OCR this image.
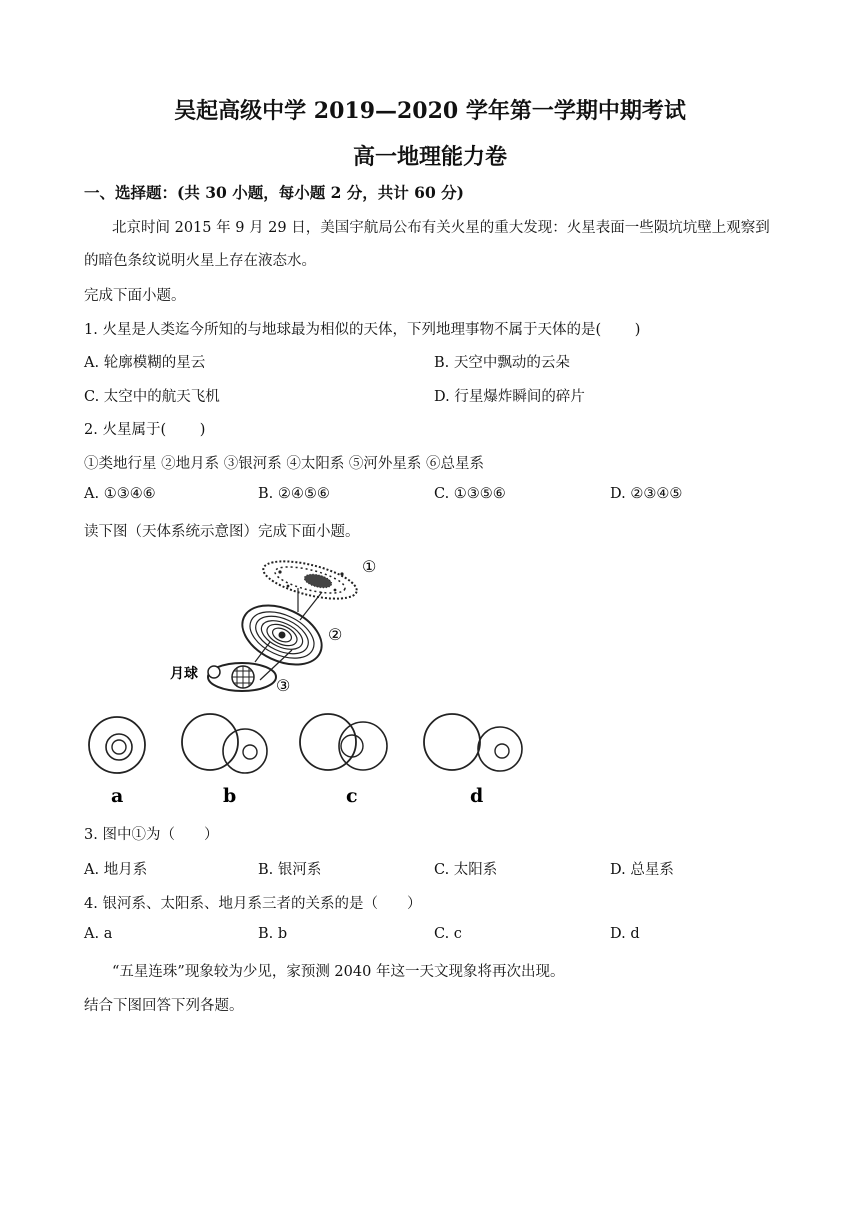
吴起高级中学 2019—2020 学年第一学期中期考试
高一地理能力卷
一、选择题：(共 30 小题，每小题 2 分，共计 60 分)
北京时间 2015 年 9 月 29 日，美国宇航局公布有关火星的重大发现：火星表面一些陨坑坑壁上观察到
的暗色条纹说明火星上存在液态水。
完成下面小题。
1. 火星是人类迄今所知的与地球最为相似的天体，下列地理事物不属于天体的是(　　 )
A. 轮廓模糊的星云	B. 天空中飘动的云朵
C. 太空中的航天飞机	D. 行星爆炸瞬间的碎片
2. 火星属于(　　 )
①类地行星 ②地月系 ③银河系 ④太阳系 ⑤河外星系 ⑥总星系
A. ①③④⑥	B. ②④⑤⑥	C. ①③⑤⑥	D. ②③④⑤
读下图（天体系统示意图）完成下面小题。
月球
①
②
③
a	b	c	d
3. 图中①为（　　）
A. 地月系	B. 银河系	C. 太阳系	D. 总星系
4. 银河系、太阳系、地月系三者的关系的是（　　）
A. a	B. b	C. c	D. d
“五星连珠”现象较为少见，家预测 2040 年这一天文现象将再次出现。
结合下图回答下列各题。
